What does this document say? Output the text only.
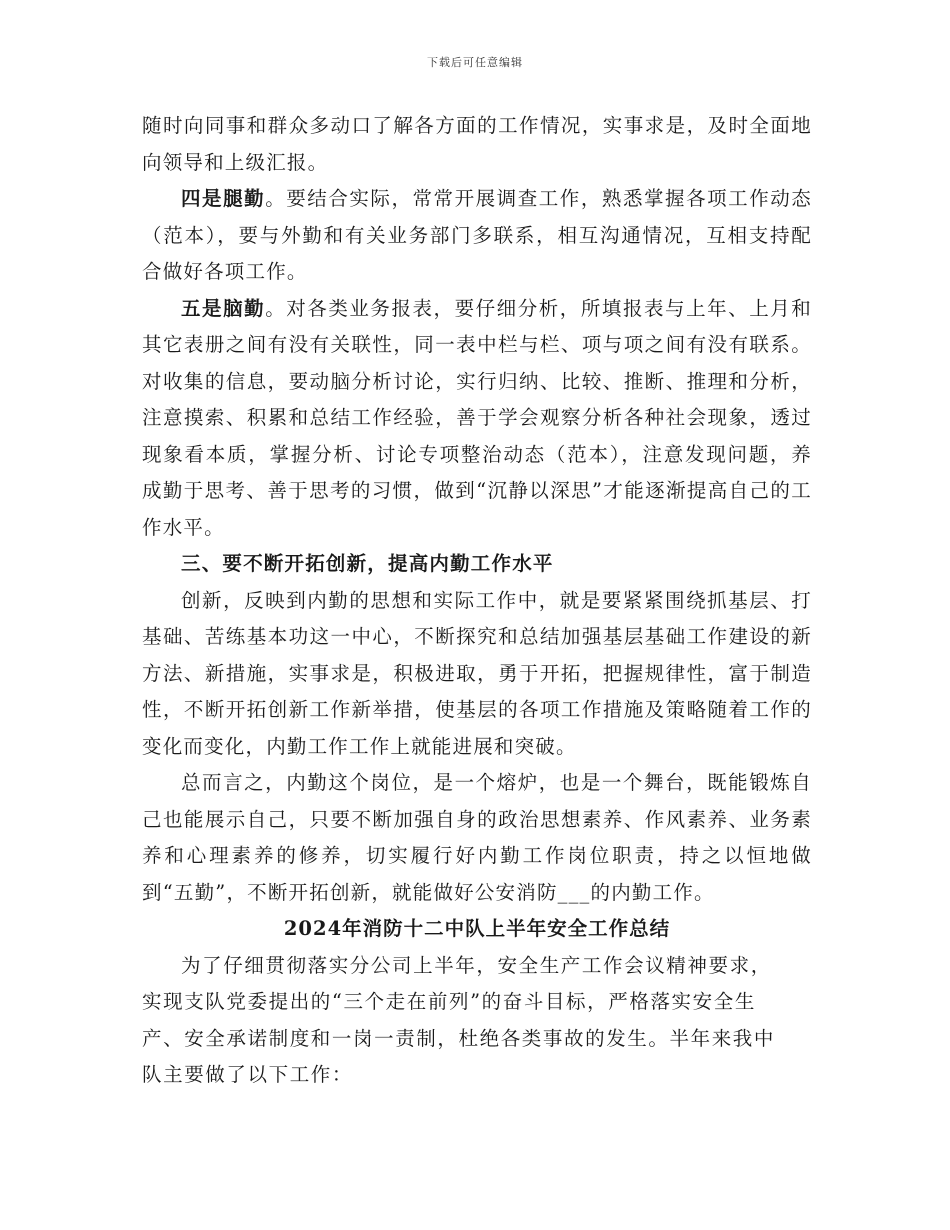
下载后可任意编辑

随时向同事和群众多动口了解各方面的工作情况，实事求是，及时全面地向领导和上级汇报。

四是腿勤。要结合实际，常常开展调查工作，熟悉掌握各项工作动态（范本），要与外勤和有关业务部门多联系，相互沟通情况，互相支持配合做好各项工作。

五是脑勤。对各类业务报表，要仔细分析，所填报表与上年、上月和其它表册之间有没有关联性，同一表中栏与栏、项与项之间有没有联系。对收集的信息，要动脑分析讨论，实行归纳、比较、推断、推理和分析，注意摸索、积累和总结工作经验，善于学会观察分析各种社会现象，透过现象看本质，掌握分析、讨论专项整治动态（范本），注意发现问题，养成勤于思考、善于思考的习惯，做到“沉静以深思”才能逐渐提高自己的工作水平。

三、要不断开拓创新，提高内勤工作水平

创新，反映到内勤的思想和实际工作中，就是要紧紧围绕抓基层、打基础、苦练基本功这一中心，不断探究和总结加强基层基础工作建设的新方法、新措施，实事求是，积极进取，勇于开拓，把握规律性，富于制造性，不断开拓创新工作新举措，使基层的各项工作措施及策略随着工作的变化而变化，内勤工作工作上就能进展和突破。

总而言之，内勤这个岗位，是一个熔炉，也是一个舞台，既能锻炼自己也能展示自己，只要不断加强自身的政治思想素养、作风素养、业务素养和心理素养的修养，切实履行好内勤工作岗位职责，持之以恒地做到“五勤”，不断开拓创新，就能做好公安消防___的内勤工作。

2024年消防十二中队上半年安全工作总结

为了仔细贯彻落实分公司上半年，安全生产工作会议精神要求，
实现支队党委提出的“三个走在前列”的奋斗目标，严格落实安全生
产、安全承诺制度和一岗一责制，杜绝各类事故的发生。半年来我中
队主要做了以下工作：
